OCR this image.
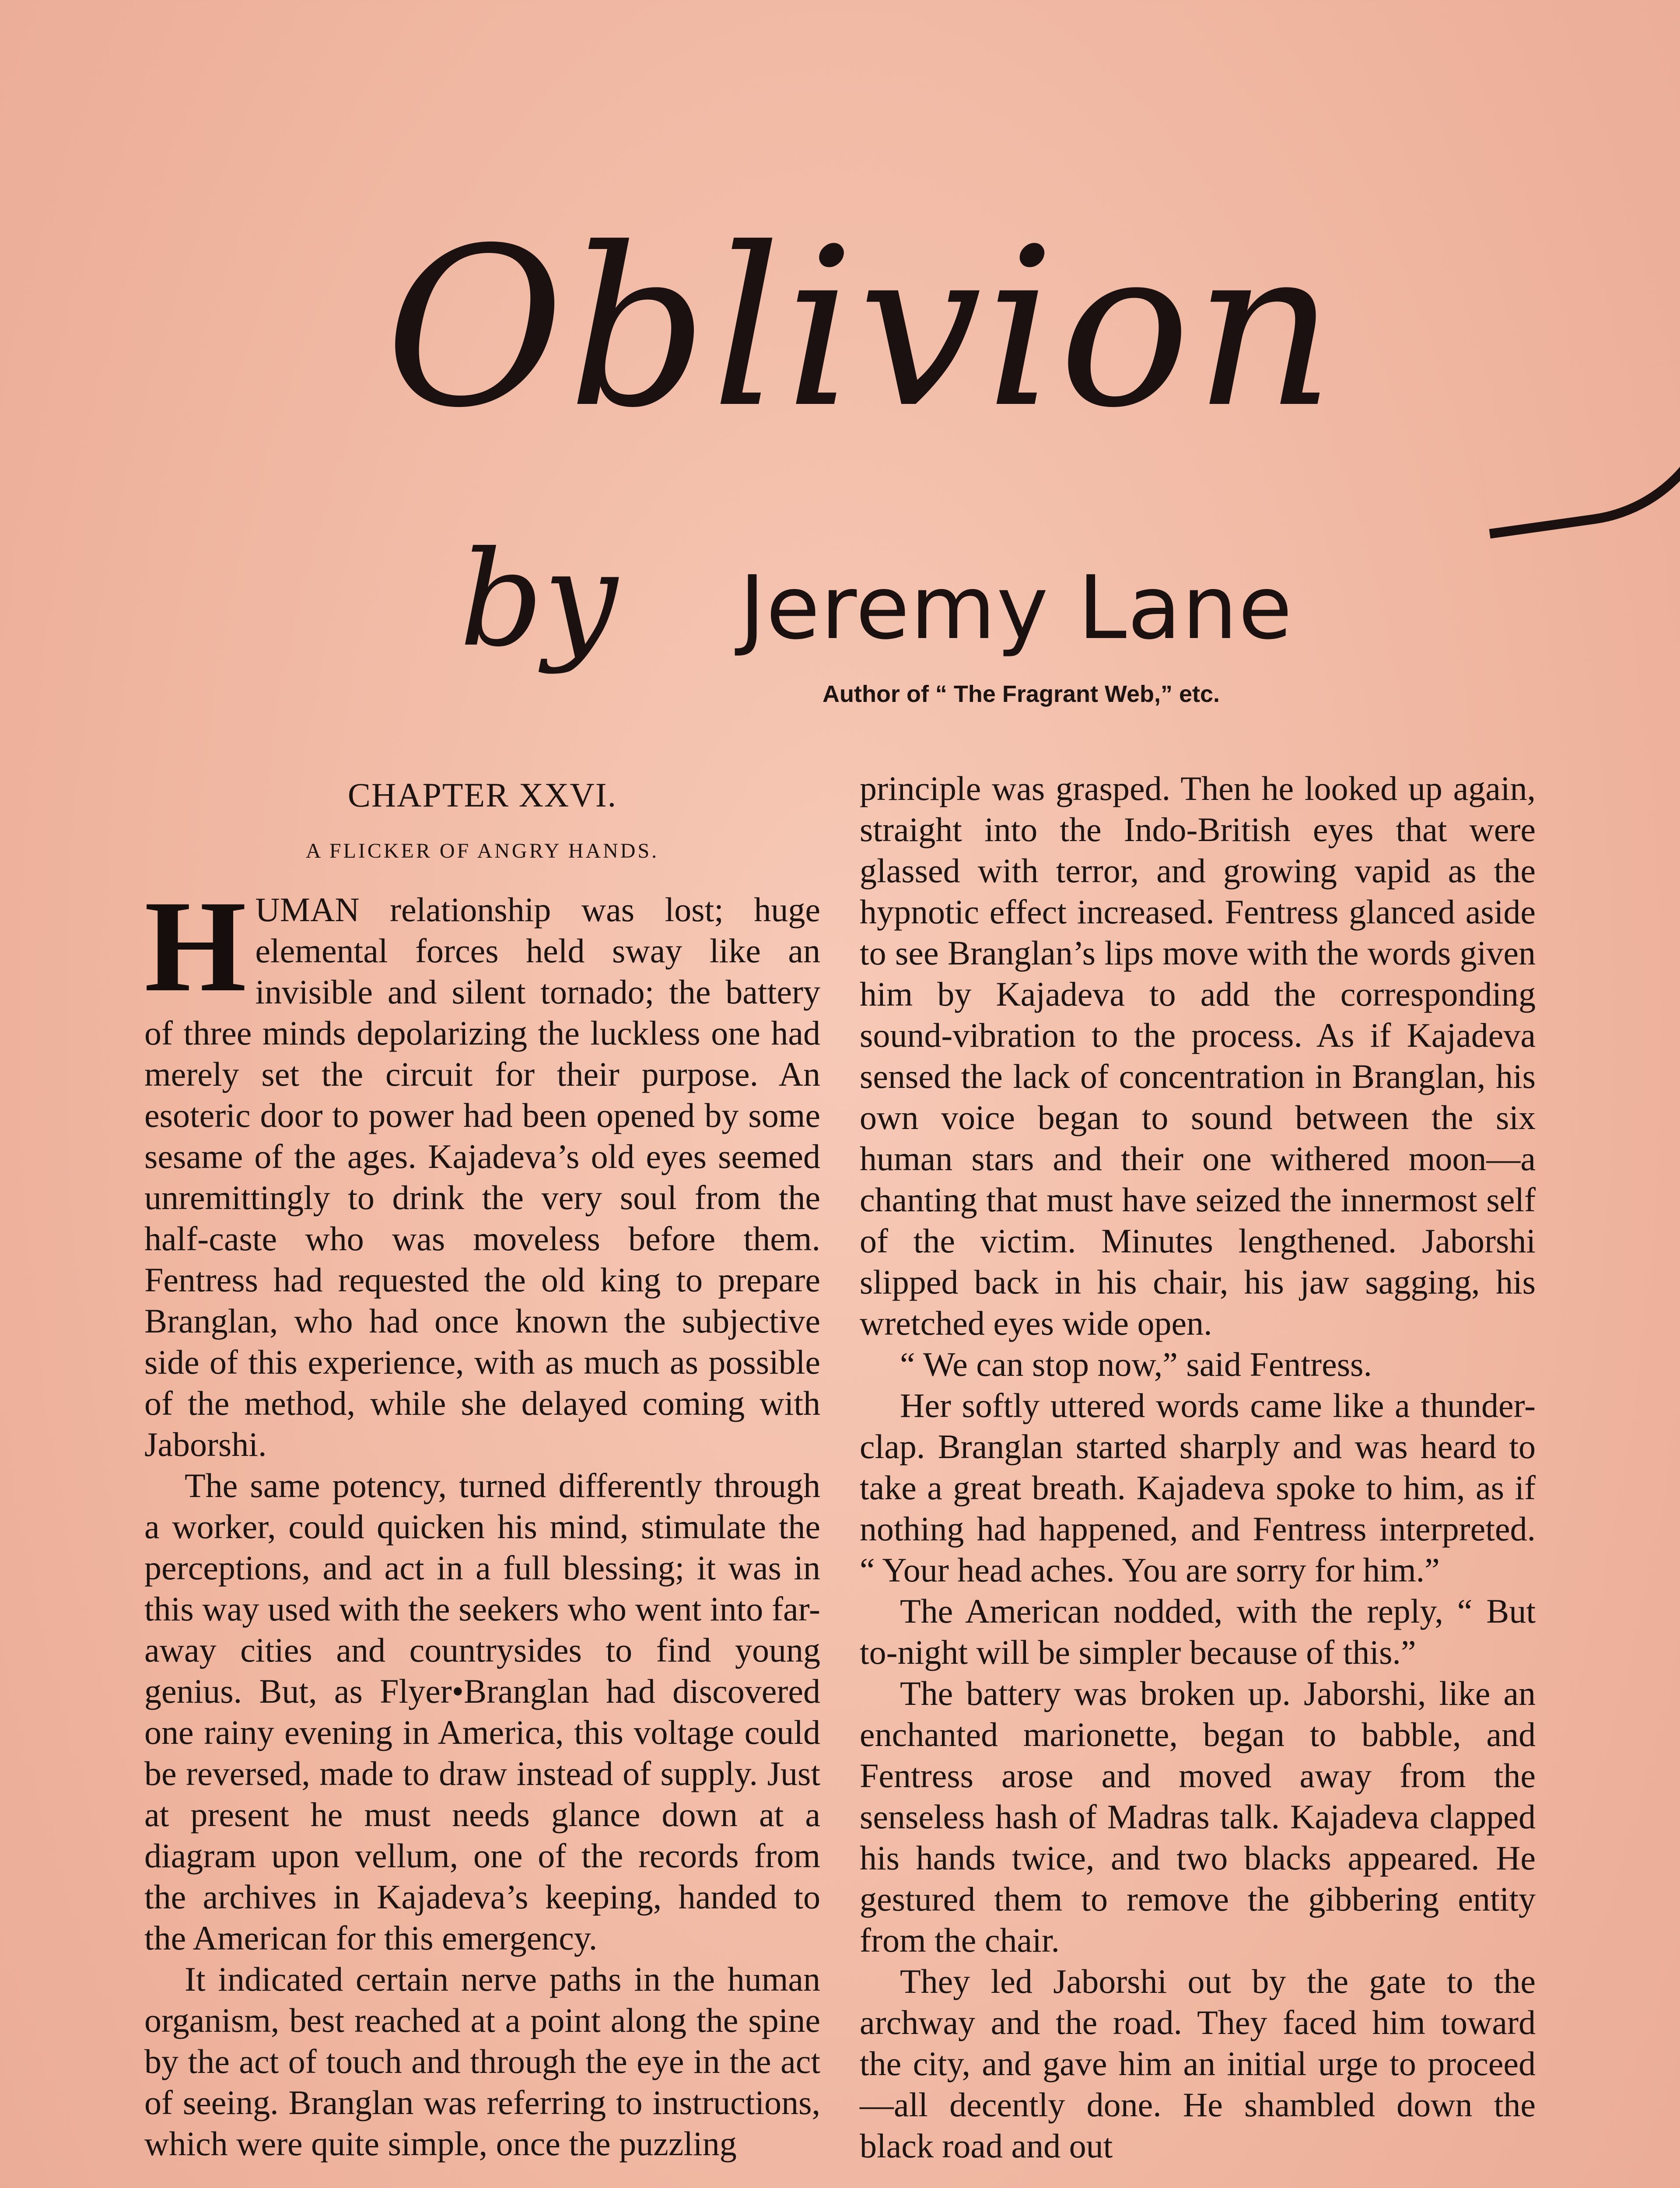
Oblivion
by Jeremy Lane
Author of “ The Fragrant Web,” etc.
CHAPTER XXVI.
A FLICKER OF ANGRY HANDS.

HUMAN relationship was lost; huge elemental forces held sway like an invisible and silent tornado; the battery of three minds depolarizing the luckless one had merely set the circuit for their purpose. An esoteric door to power had been opened by some sesame of the ages. Kajadeva’s old eyes seemed unremittingly to drink the very soul from the half-caste who was moveless before them. Fentress had requested the old king to prepare Branglan, who had once known the subjective side of this experience, with as much as possible of the method, while she delayed coming with Jaborshi.

The same potency, turned differently through a worker, could quicken his mind, stimulate the perceptions, and act in a full blessing; it was in this way used with the seekers who went into far-away cities and countrysides to find young genius. But, as Flyer•Branglan had discovered one rainy evening in America, this voltage could be reversed, made to draw instead of supply. Just at present he must needs glance down at a diagram upon vellum, one of the records from the archives in Kajadeva’s keeping, handed to the American for this emergency.

It indicated certain nerve paths in the human organism, best reached at a point along the spine by the act of touch and through the eye in the act of seeing. Branglan was referring to instructions, which were quite simple, once the puzzling

principle was grasped. Then he looked up again, straight into the Indo-British eyes that were glassed with terror, and growing vapid as the hypnotic effect increased. Fentress glanced aside to see Branglan’s lips move with the words given him by Kajadeva to add the corresponding sound-vibration to the process. As if Kajadeva sensed the lack of concentration in Branglan, his own voice began to sound between the six human stars and their one withered moon—a chanting that must have seized the innermost self of the victim. Minutes lengthened. Jaborshi slipped back in his chair, his jaw sagging, his wretched eyes wide open.

“ We can stop now,” said Fentress.

Her softly uttered words came like a thunder-clap. Branglan started sharply and was heard to take a great breath. Kajadeva spoke to him, as if nothing had happened, and Fentress interpreted. “ Your head aches. You are sorry for him.”

The American nodded, with the reply, “ But to-night will be simpler because of this.”

The battery was broken up. Jaborshi, like an enchanted marionette, began to babble, and Fentress arose and moved away from the senseless hash of Madras talk. Kajadeva clapped his hands twice, and two blacks appeared. He gestured them to remove the gibbering entity from the chair.

They led Jaborshi out by the gate to the archway and the road. They faced him toward the city, and gave him an initial urge to proceed—all decently done. He shambled down the black road and out
